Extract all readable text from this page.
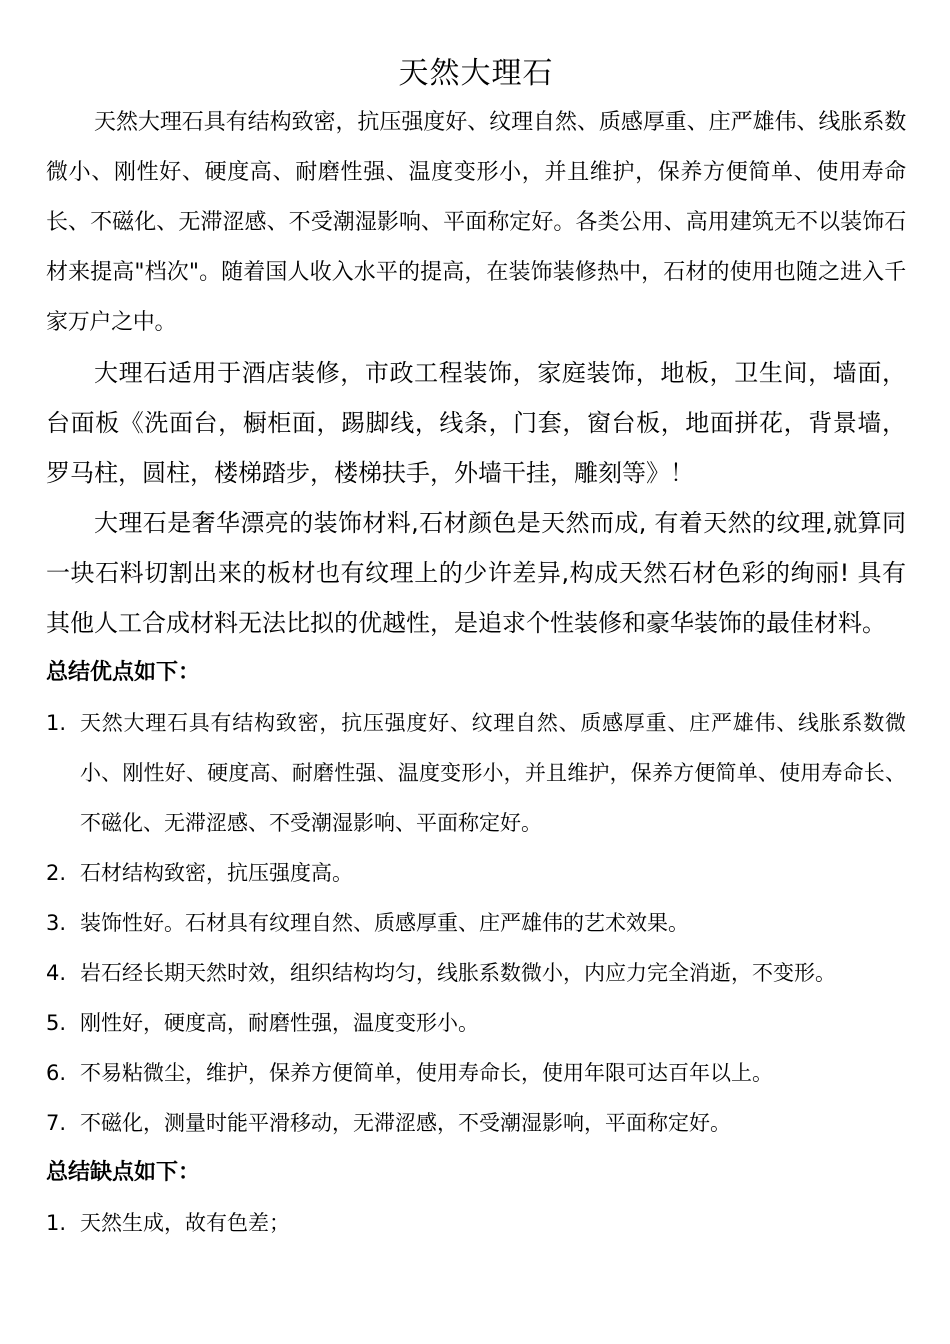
天然大理石

天然大理石具有结构致密，抗压强度好、纹理自然、质感厚重、庄严雄伟、线胀系数微小、刚性好、硬度高、耐磨性强、温度变形小，并且维护，保养方便简单、使用寿命长、不磁化、无滞涩感、不受潮湿影响、平面称定好。各类公用、高用建筑无不以装饰石材来提高"档次"。随着国人收入水平的提高，在装饰装修热中，石材的使用也随之进入千家万户之中。

大理石适用于酒店装修，市政工程装饰，家庭装饰，地板，卫生间，墙面，台面板《洗面台，橱柜面，踢脚线，线条，门套，窗台板，地面拼花，背景墙，罗马柱，圆柱，楼梯踏步，楼梯扶手，外墙干挂，雕刻等》！

大理石是奢华漂亮的装饰材料,石材颜色是天然而成, 有着天然的纹理,就算同一块石料切割出来的板材也有纹理上的少许差异,构成天然石材色彩的绚丽! 具有其他人工合成材料无法比拟的优越性，是追求个性装修和豪华装饰的最佳材料。

总结优点如下：
1. 天然大理石具有结构致密，抗压强度好、纹理自然、质感厚重、庄严雄伟、线胀系数微小、刚性好、硬度高、耐磨性强、温度变形小，并且维护，保养方便简单、使用寿命长、不磁化、无滞涩感、不受潮湿影响、平面称定好。
2. 石材结构致密，抗压强度高。
3. 装饰性好。石材具有纹理自然、质感厚重、庄严雄伟的艺术效果。
4. 岩石经长期天然时效，组织结构均匀，线胀系数微小，内应力完全消逝，不变形。
5. 刚性好，硬度高，耐磨性强，温度变形小。
6. 不易粘微尘，维护，保养方便简单，使用寿命长，使用年限可达百年以上。
7. 不磁化，测量时能平滑移动，无滞涩感，不受潮湿影响，平面称定好。
总结缺点如下：
1. 天然生成，故有色差；
